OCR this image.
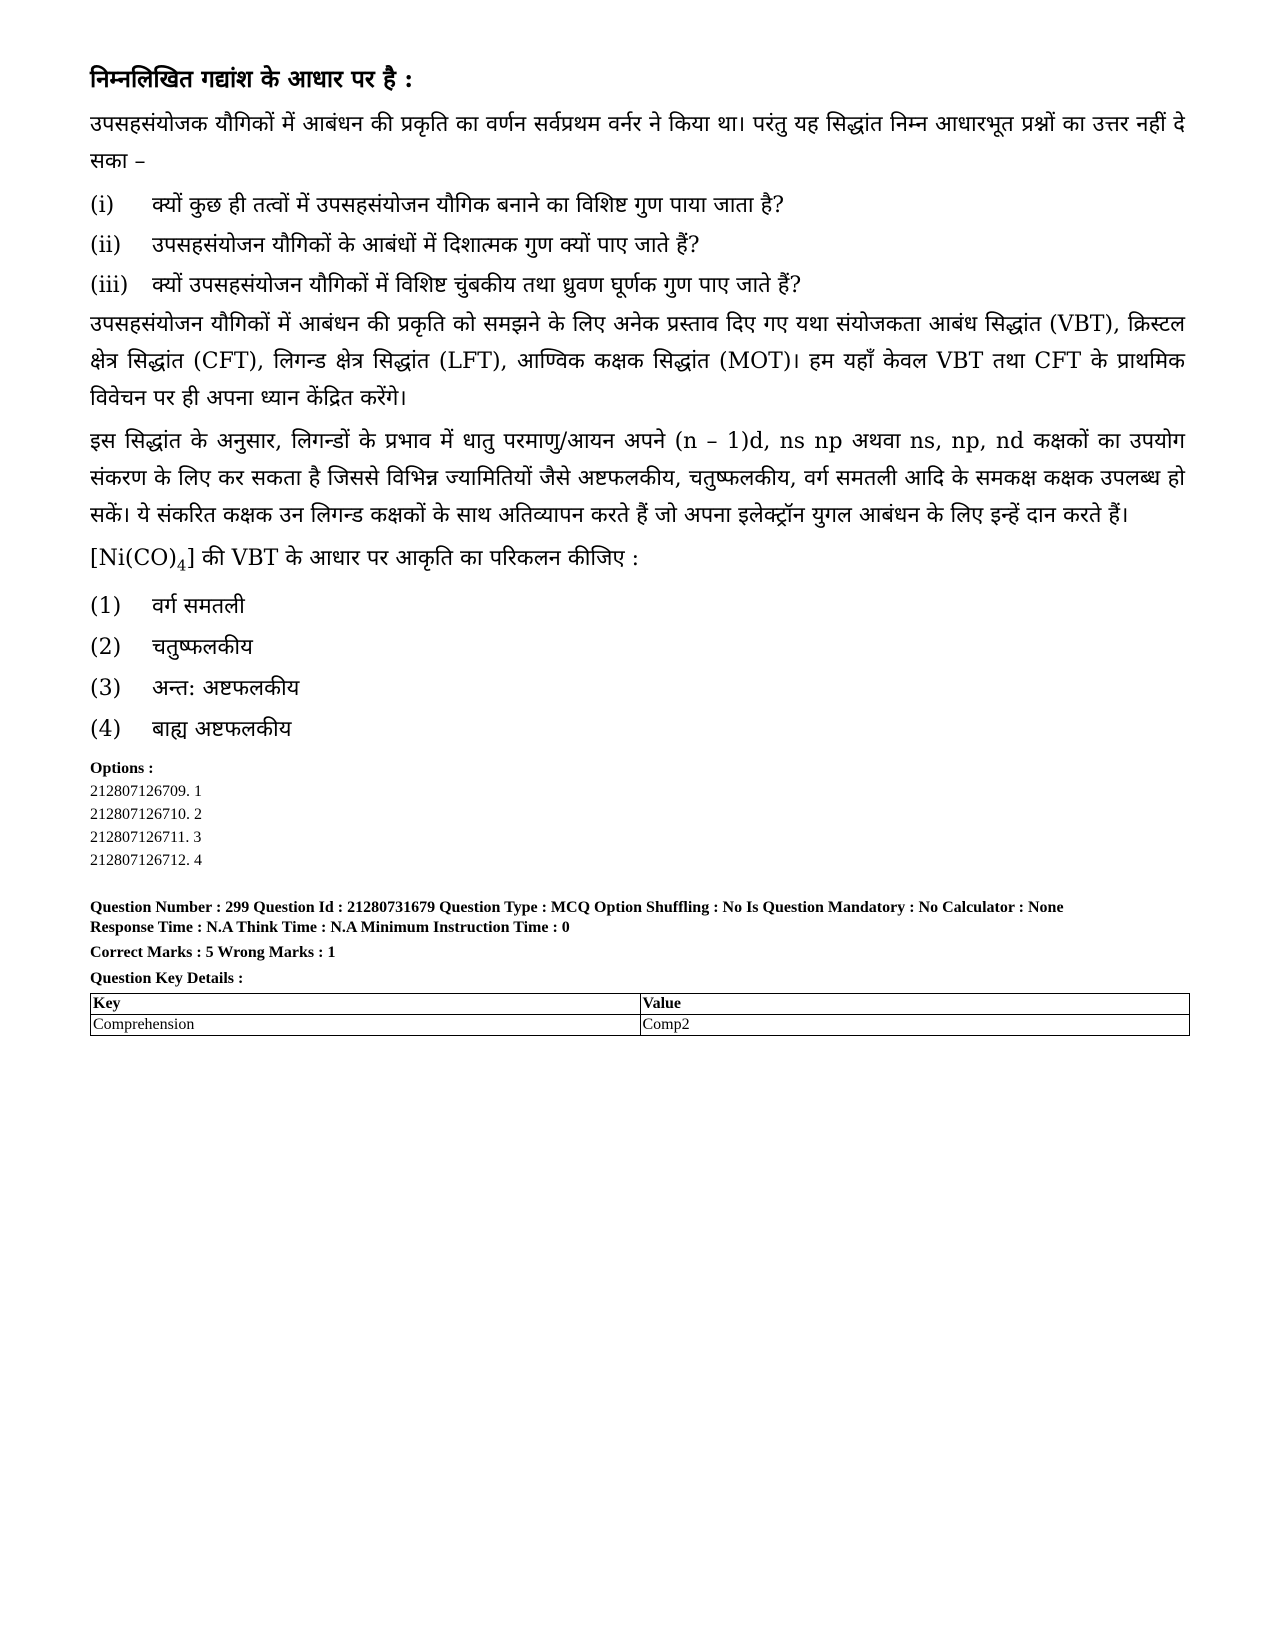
निम्नलिखित गद्यांश के आधार पर है :

उपसहसंयोजक यौगिकों में आबंधन की प्रकृति का वर्णन सर्वप्रथम वर्नर ने किया था। परंतु यह सिद्धांत निम्न आधारभूत प्रश्नों का उत्तर नहीं दे सका –

(i)	क्यों कुछ ही तत्वों में उपसहसंयोजन यौगिक बनाने का विशिष्ट गुण पाया जाता है?
(ii)	उपसहसंयोजन यौगिकों के आबंधों में दिशात्मक गुण क्यों पाए जाते हैं?
(iii)	क्यों उपसहसंयोजन यौगिकों में विशिष्ट चुंबकीय तथा ध्रुवण घूर्णक गुण पाए जाते हैं?

उपसहसंयोजन यौगिकों में आबंधन की प्रकृति को समझने के लिए अनेक प्रस्ताव दिए गए यथा संयोजकता आबंध सिद्धांत (VBT), क्रिस्टल क्षेत्र सिद्धांत (CFT), लिगन्ड क्षेत्र सिद्धांत (LFT), आण्विक कक्षक सिद्धांत (MOT)। हम यहाँ केवल VBT तथा CFT के प्राथमिक विवेचन पर ही अपना ध्यान केंद्रित करेंगे।

इस सिद्धांत के अनुसार, लिगन्डों के प्रभाव में धातु परमाणु/आयन अपने (n – 1)d, ns np अथवा ns, np, nd कक्षकों का उपयोग संकरण के लिए कर सकता है जिससे विभिन्न ज्यामितियों जैसे अष्टफलकीय, चतुष्फलकीय, वर्ग समतली आदि के समकक्ष कक्षक उपलब्ध हो सकें। ये संकरित कक्षक उन लिगन्ड कक्षकों के साथ अतिव्यापन करते हैं जो अपना इलेक्ट्रॉन युगल आबंधन के लिए इन्हें दान करते हैं।

$[Ni(CO)_4]$ की VBT के आधार पर आकृति का परिकलन कीजिए :

(1)	वर्ग समतली
(2)	चतुष्फलकीय
(3)	अन्त: अष्टफलकीय
(4)	बाह्य अष्टफलकीय
Options :
212807126709. 1
212807126710. 2
212807126711. 3
212807126712. 4
Question Number : 299 Question Id : 21280731679 Question Type : MCQ Option Shuffling : No Is Question Mandatory : No Calculator : None
Response Time : N.A Think Time : N.A Minimum Instruction Time : 0
Correct Marks : 5 Wrong Marks : 1
Question Key Details :
Key	Value
Comprehension	Comp2
